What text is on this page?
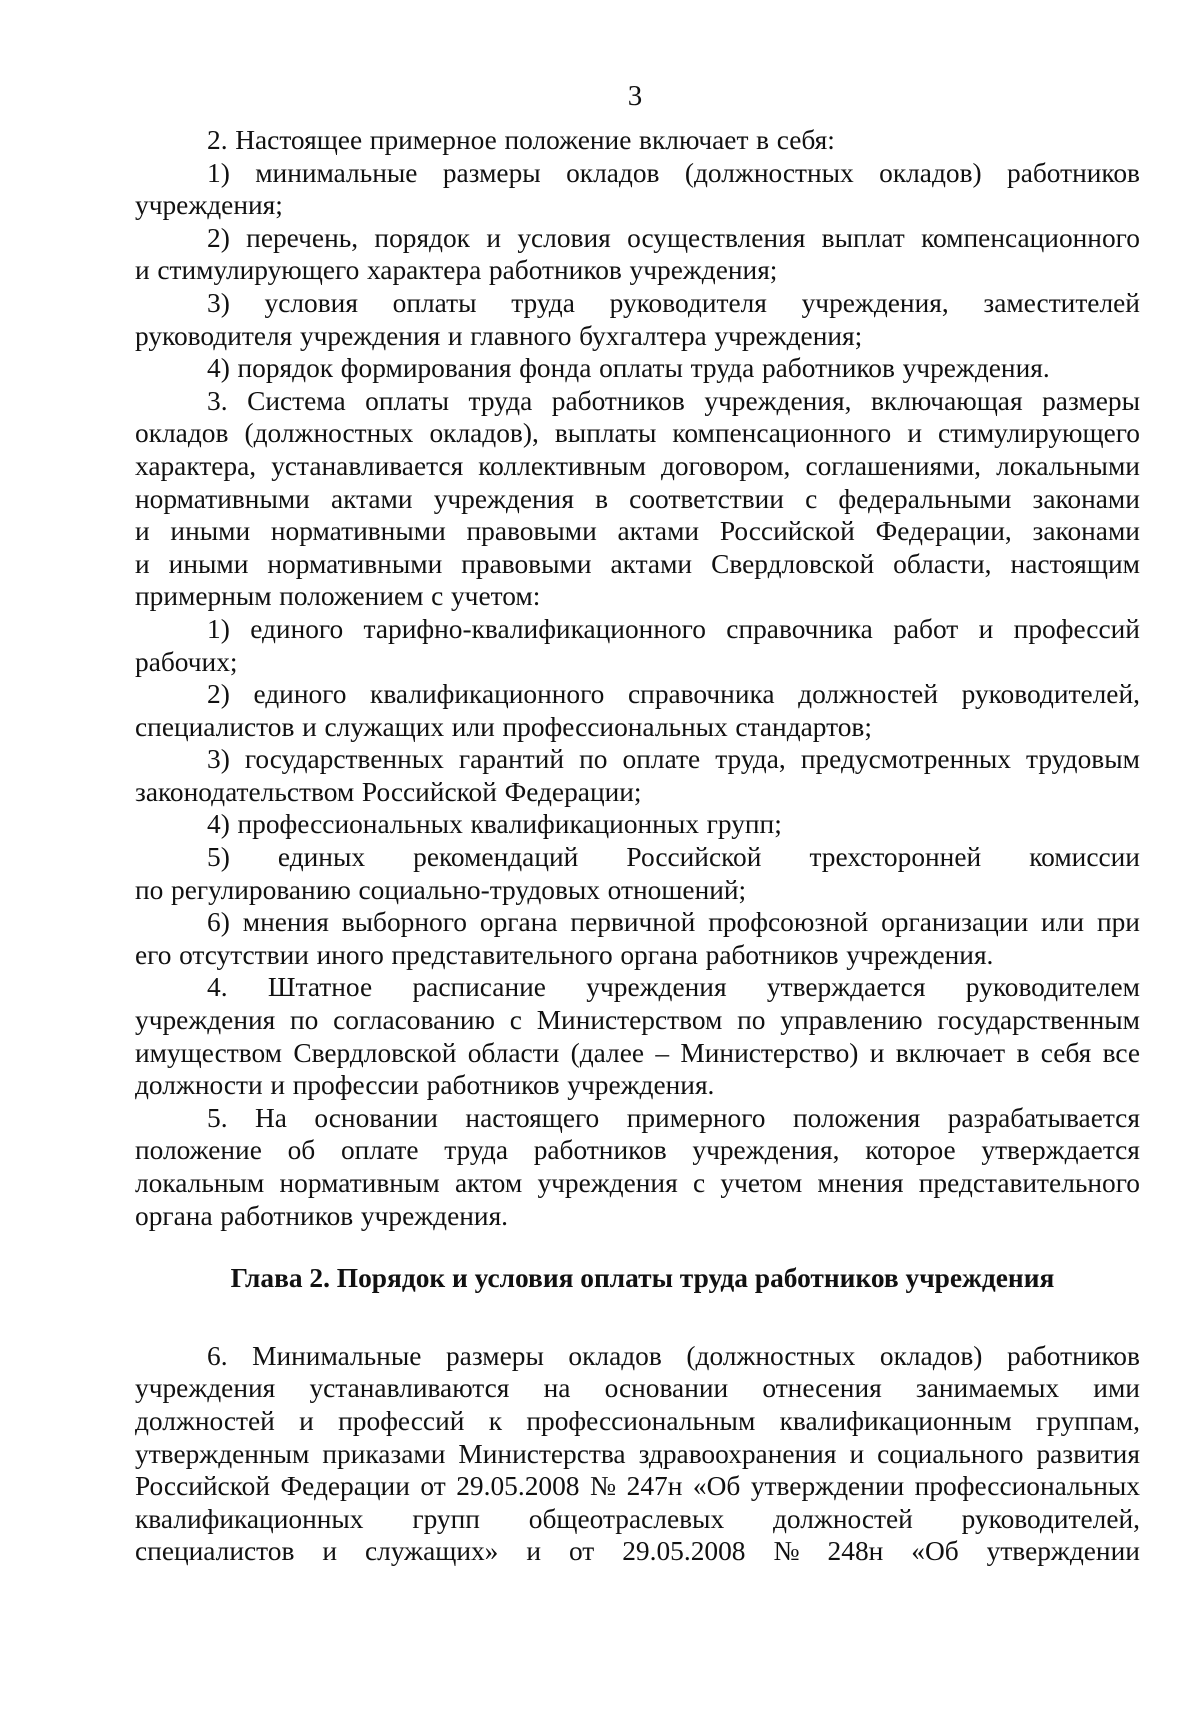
3
2. Настоящее примерное положение включает в себя:
1) минимальные размеры окладов (должностных окладов) работников
учреждения;
2) перечень, порядок и условия осуществления выплат компенсационного
и стимулирующего характера работников учреждения;
3) условия оплаты труда руководителя учреждения, заместителей
руководителя учреждения и главного бухгалтера учреждения;
4) порядок формирования фонда оплаты труда работников учреждения.
3. Система оплаты труда работников учреждения, включающая размеры
окладов (должностных окладов), выплаты компенсационного и стимулирующего
характера, устанавливается коллективным договором, соглашениями, локальными
нормативными актами учреждения в соответствии с федеральными законами
и иными нормативными правовыми актами Российской Федерации, законами
и иными нормативными правовыми актами Свердловской области, настоящим
примерным положением с учетом:
1) единого тарифно-квалификационного справочника работ и профессий
рабочих;
2) единого квалификационного справочника должностей руководителей,
специалистов и служащих или профессиональных стандартов;
3) государственных гарантий по оплате труда, предусмотренных трудовым
законодательством Российской Федерации;
4) профессиональных квалификационных групп;
5) единых рекомендаций Российской трехсторонней комиссии
по регулированию социально-трудовых отношений;
6) мнения выборного органа первичной профсоюзной организации или при
его отсутствии иного представительного органа работников учреждения.
4. Штатное расписание учреждения утверждается руководителем
учреждения по согласованию с Министерством по управлению государственным
имуществом Свердловской области (далее – Министерство) и включает в себя все
должности и профессии работников учреждения.
5. На основании настоящего примерного положения разрабатывается
положение об оплате труда работников учреждения, которое утверждается
локальным нормативным актом учреждения с учетом мнения представительного
органа работников учреждения.
Глава 2. Порядок и условия оплаты труда работников учреждения
6. Минимальные размеры окладов (должностных окладов) работников
учреждения устанавливаются на основании отнесения занимаемых ими
должностей и профессий к профессиональным квалификационным группам,
утвержденным приказами Министерства здравоохранения и социального развития
Российской Федерации от 29.05.2008 № 247н «Об утверждении профессиональных
квалификационных групп общеотраслевых должностей руководителей,
специалистов и служащих» и от 29.05.2008 № 248н «Об утверждении
